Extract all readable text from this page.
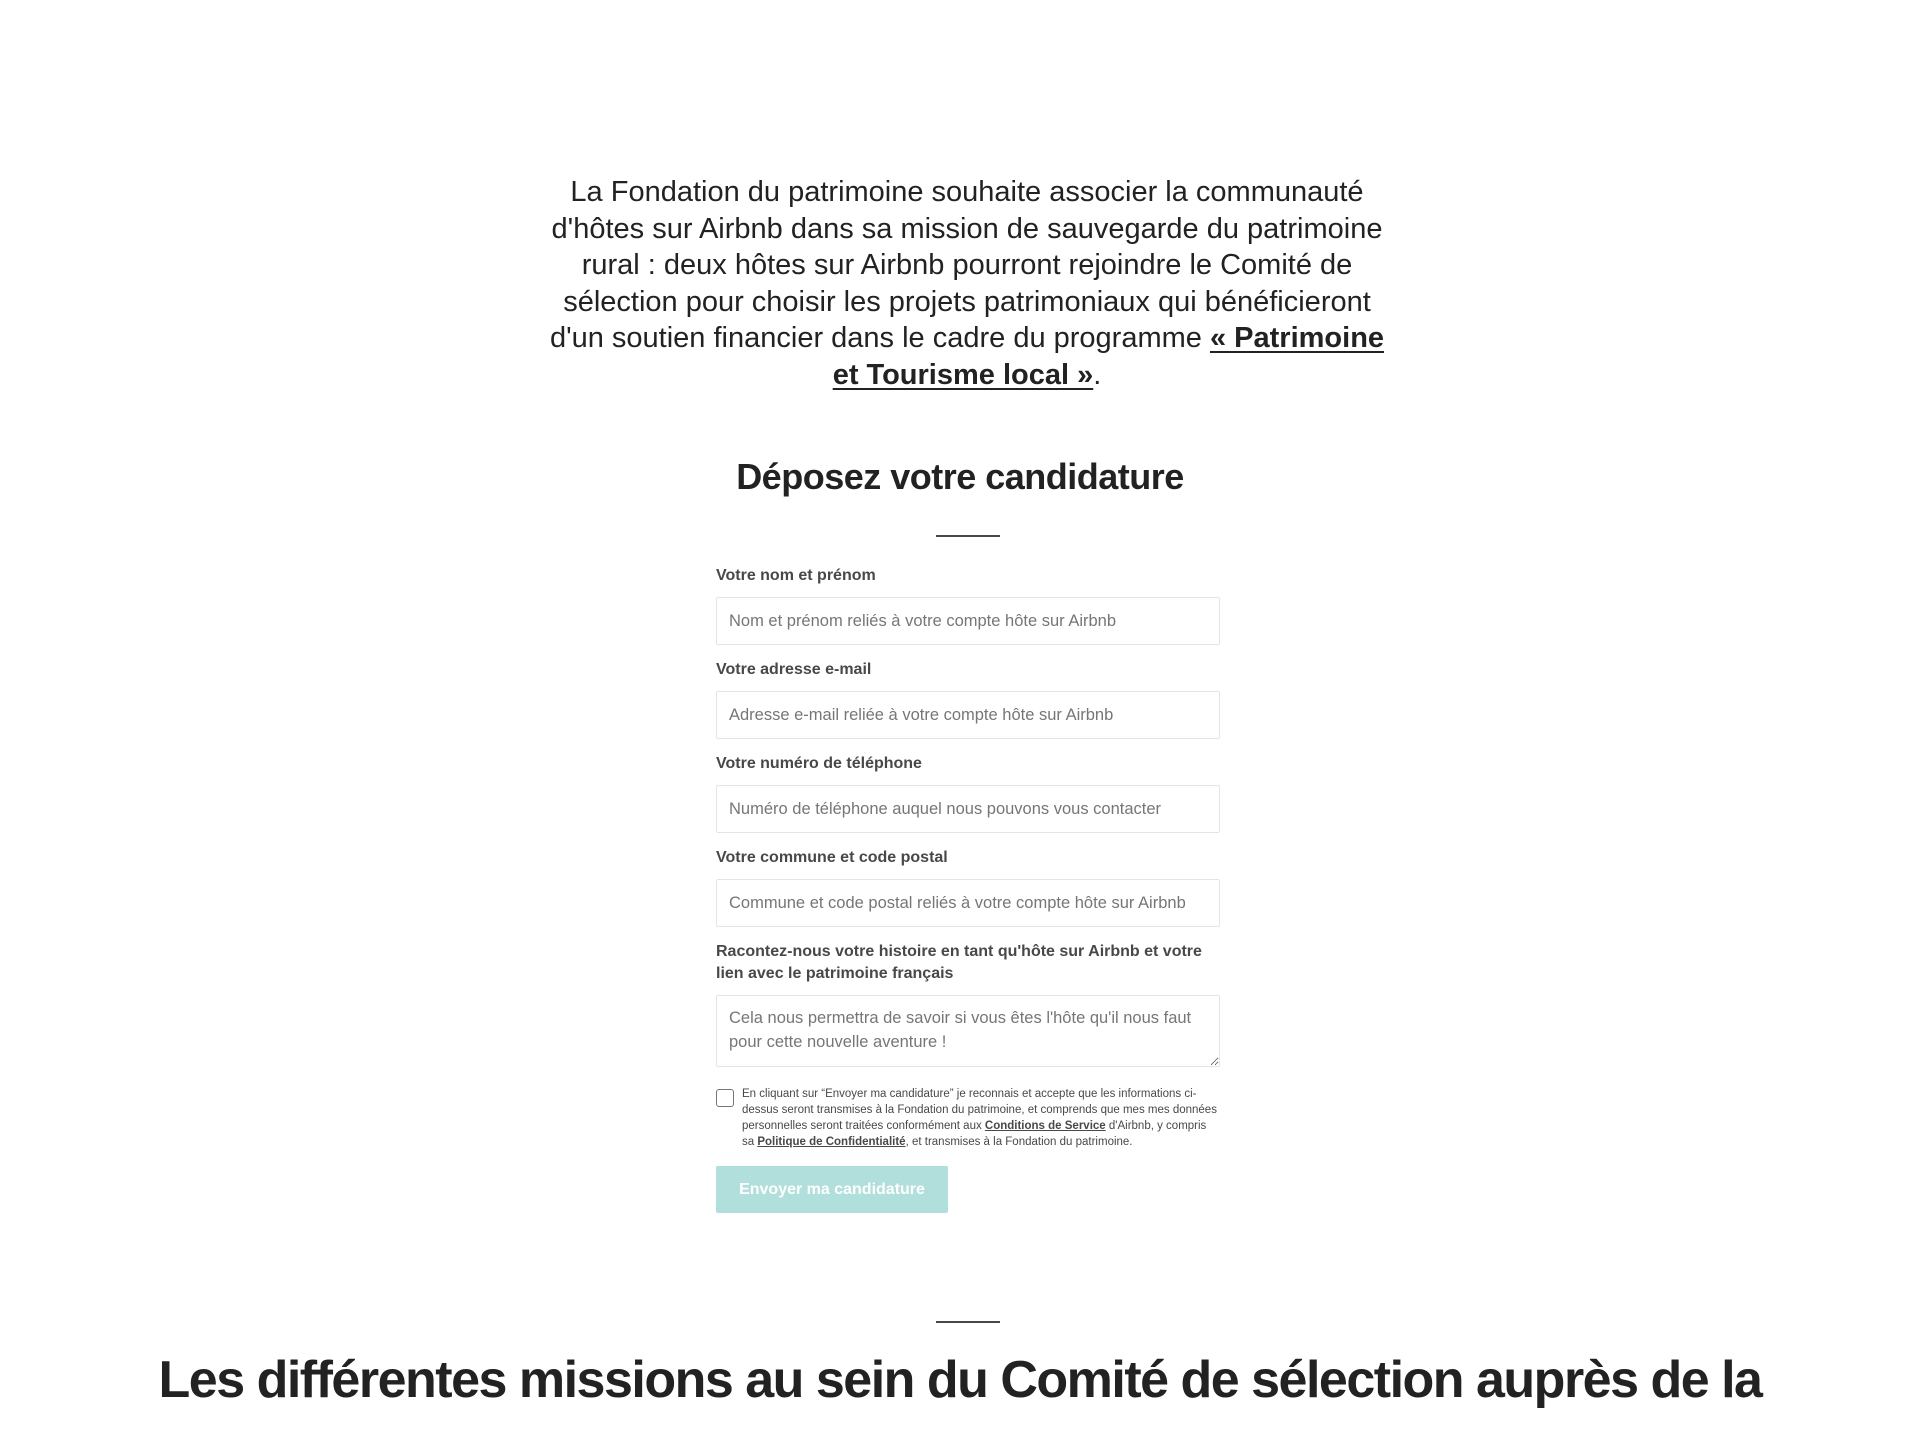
La Fondation du patrimoine souhaite associer la communauté d'hôtes sur Airbnb dans sa mission de sauvegarde du patrimoine rural : deux hôtes sur Airbnb pourront rejoindre le Comité de sélection pour choisir les projets patrimoniaux qui bénéficieront d'un soutien financier dans le cadre du programme « Patrimoine et Tourisme local ».

Déposez votre candidature
Votre nom et prénom
Nom et prénom reliés à votre compte hôte sur Airbnb
Votre adresse e-mail
Adresse e-mail reliée à votre compte hôte sur Airbnb
Votre numéro de téléphone
Numéro de téléphone auquel nous pouvons vous contacter
Votre commune et code postal
Commune et code postal reliés à votre compte hôte sur Airbnb
Racontez-nous votre histoire en tant qu'hôte sur Airbnb et votre lien avec le patrimoine français
Cela nous permettra de savoir si vous êtes l'hôte qu'il nous faut pour cette nouvelle aventure !

En cliquant sur “Envoyer ma candidature” je reconnais et accepte que les informations ci-dessus seront transmises à la Fondation du patrimoine, et comprends que mes mes données personnelles seront traitées conformément aux Conditions de Service d'Airbnb, y compris sa Politique de Confidentialité, et transmises à la Fondation du patrimoine.

Envoyer ma candidature
Les différentes missions au sein du Comité de sélection auprès de la
